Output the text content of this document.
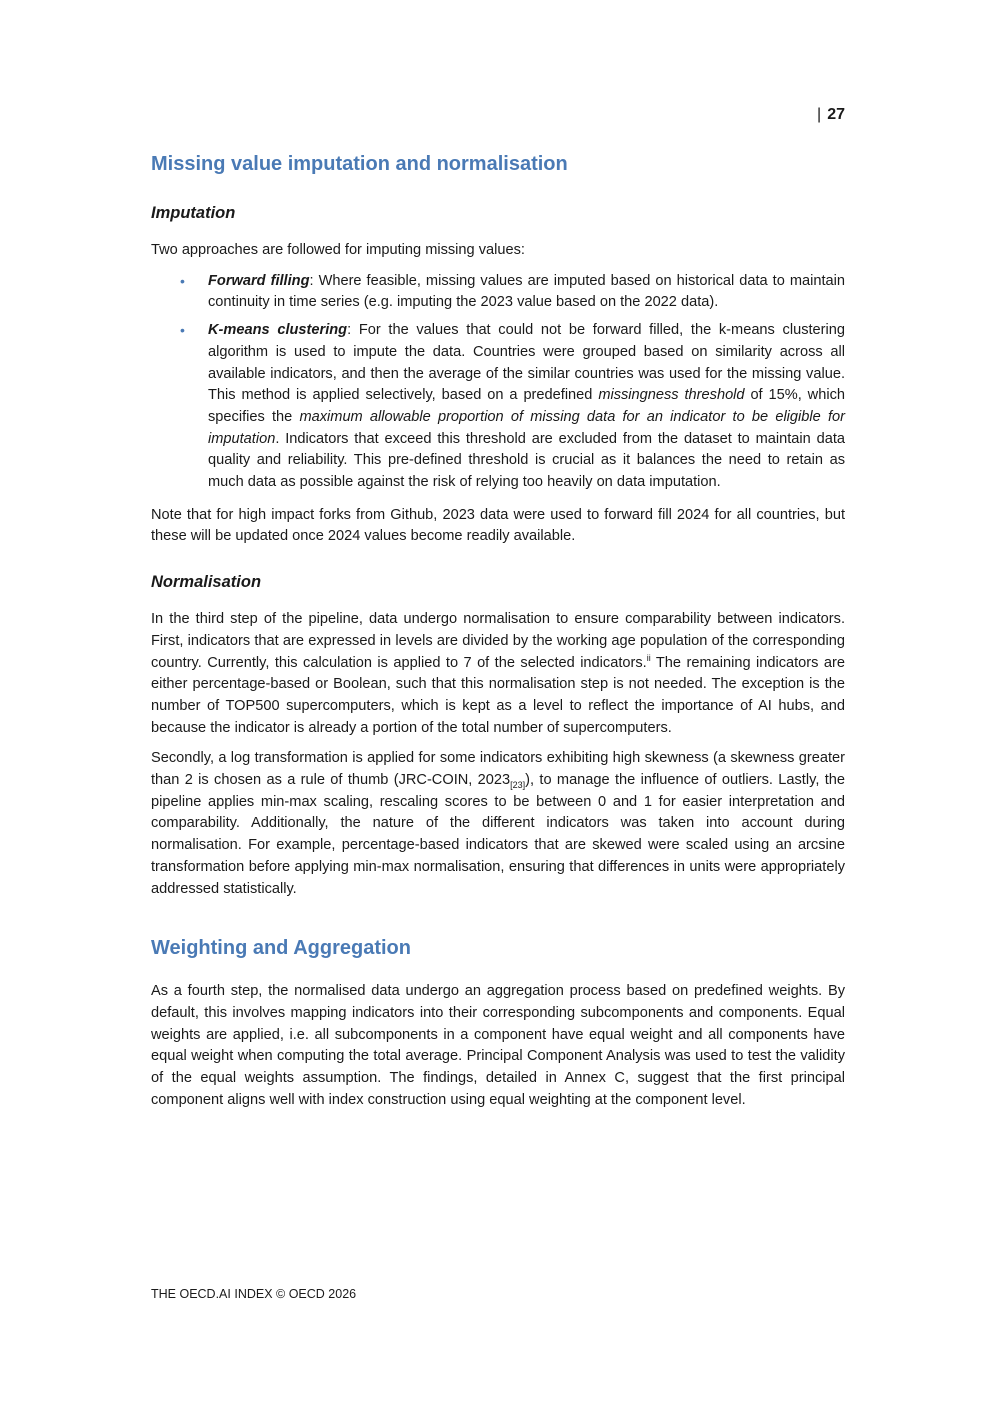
| 27
Missing value imputation and normalisation
Imputation

Two approaches are followed for imputing missing values:

• Forward filling: Where feasible, missing values are imputed based on historical data to maintain continuity in time series (e.g. imputing the 2023 value based on the 2022 data).
• K-means clustering: For the values that could not be forward filled, the k-means clustering algorithm is used to impute the data. Countries were grouped based on similarity across all available indicators, and then the average of the similar countries was used for the missing value. This method is applied selectively, based on a predefined missingness threshold of 15%, which specifies the maximum allowable proportion of missing data for an indicator to be eligible for imputation. Indicators that exceed this threshold are excluded from the dataset to maintain data quality and reliability. This pre-defined threshold is crucial as it balances the need to retain as much data as possible against the risk of relying too heavily on data imputation.

Note that for high impact forks from Github, 2023 data were used to forward fill 2024 for all countries, but these will be updated once 2024 values become readily available.

Normalisation

In the third step of the pipeline, data undergo normalisation to ensure comparability between indicators. First, indicators that are expressed in levels are divided by the working age population of the corresponding country. Currently, this calculation is applied to 7 of the selected indicators.$^{ii}$ The remaining indicators are either percentage-based or Boolean, such that this normalisation step is not needed. The exception is the number of TOP500 supercomputers, which is kept as a level to reflect the importance of AI hubs, and because the indicator is already a portion of the total number of supercomputers.

Secondly, a log transformation is applied for some indicators exhibiting high skewness (a skewness greater than 2 is chosen as a rule of thumb (JRC-COIN, $2023_{[23]}$), to manage the influence of outliers. Lastly, the pipeline applies min-max scaling, rescaling scores to be between 0 and 1 for easier interpretation and comparability. Additionally, the nature of the different indicators was taken into account during normalisation. For example, percentage-based indicators that are skewed were scaled using an arcsine transformation before applying min-max normalisation, ensuring that differences in units were appropriately addressed statistically.

Weighting and Aggregation

As a fourth step, the normalised data undergo an aggregation process based on predefined weights. By default, this involves mapping indicators into their corresponding subcomponents and components. Equal weights are applied, i.e. all subcomponents in a component have equal weight and all components have equal weight when computing the total average. Principal Component Analysis was used to test the validity of the equal weights assumption. The findings, detailed in Annex C, suggest that the first principal component aligns well with index construction using equal weighting at the component level.

THE OECD.AI INDEX © OECD 2026
